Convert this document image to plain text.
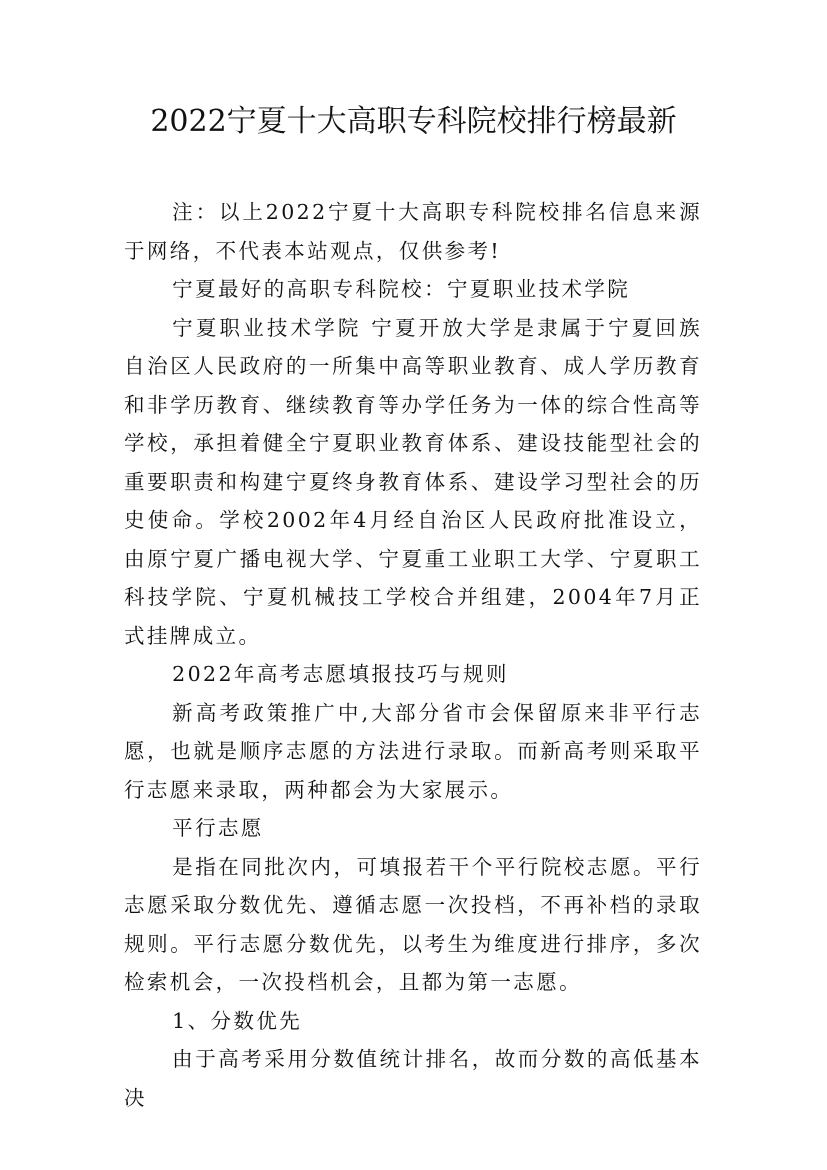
2022宁夏十大高职专科院校排行榜最新

注：以上2022宁夏十大高职专科院校排名信息来源于网络，不代表本站观点，仅供参考!

宁夏最好的高职专科院校：宁夏职业技术学院

宁夏职业技术学院 宁夏开放大学是隶属于宁夏回族自治区人民政府的一所集中高等职业教育、成人学历教育和非学历教育、继续教育等办学任务为一体的综合性高等学校，承担着健全宁夏职业教育体系、建设技能型社会的重要职责和构建宁夏终身教育体系、建设学习型社会的历史使命。学校2002年4月经自治区人民政府批准设立，由原宁夏广播电视大学、宁夏重工业职工大学、宁夏职工科技学院、宁夏机械技工学校合并组建，2004年7月正式挂牌成立。

2022年高考志愿填报技巧与规则

新高考政策推广中,大部分省市会保留原来非平行志愿，也就是顺序志愿的方法进行录取。而新高考则采取平行志愿来录取，两种都会为大家展示。

平行志愿

是指在同批次内，可填报若干个平行院校志愿。平行志愿采取分数优先、遵循志愿一次投档，不再补档的录取规则。平行志愿分数优先，以考生为维度进行排序，多次检索机会，一次投档机会，且都为第一志愿。

1、分数优先

由于高考采用分数值统计排名，故而分数的高低基本决
